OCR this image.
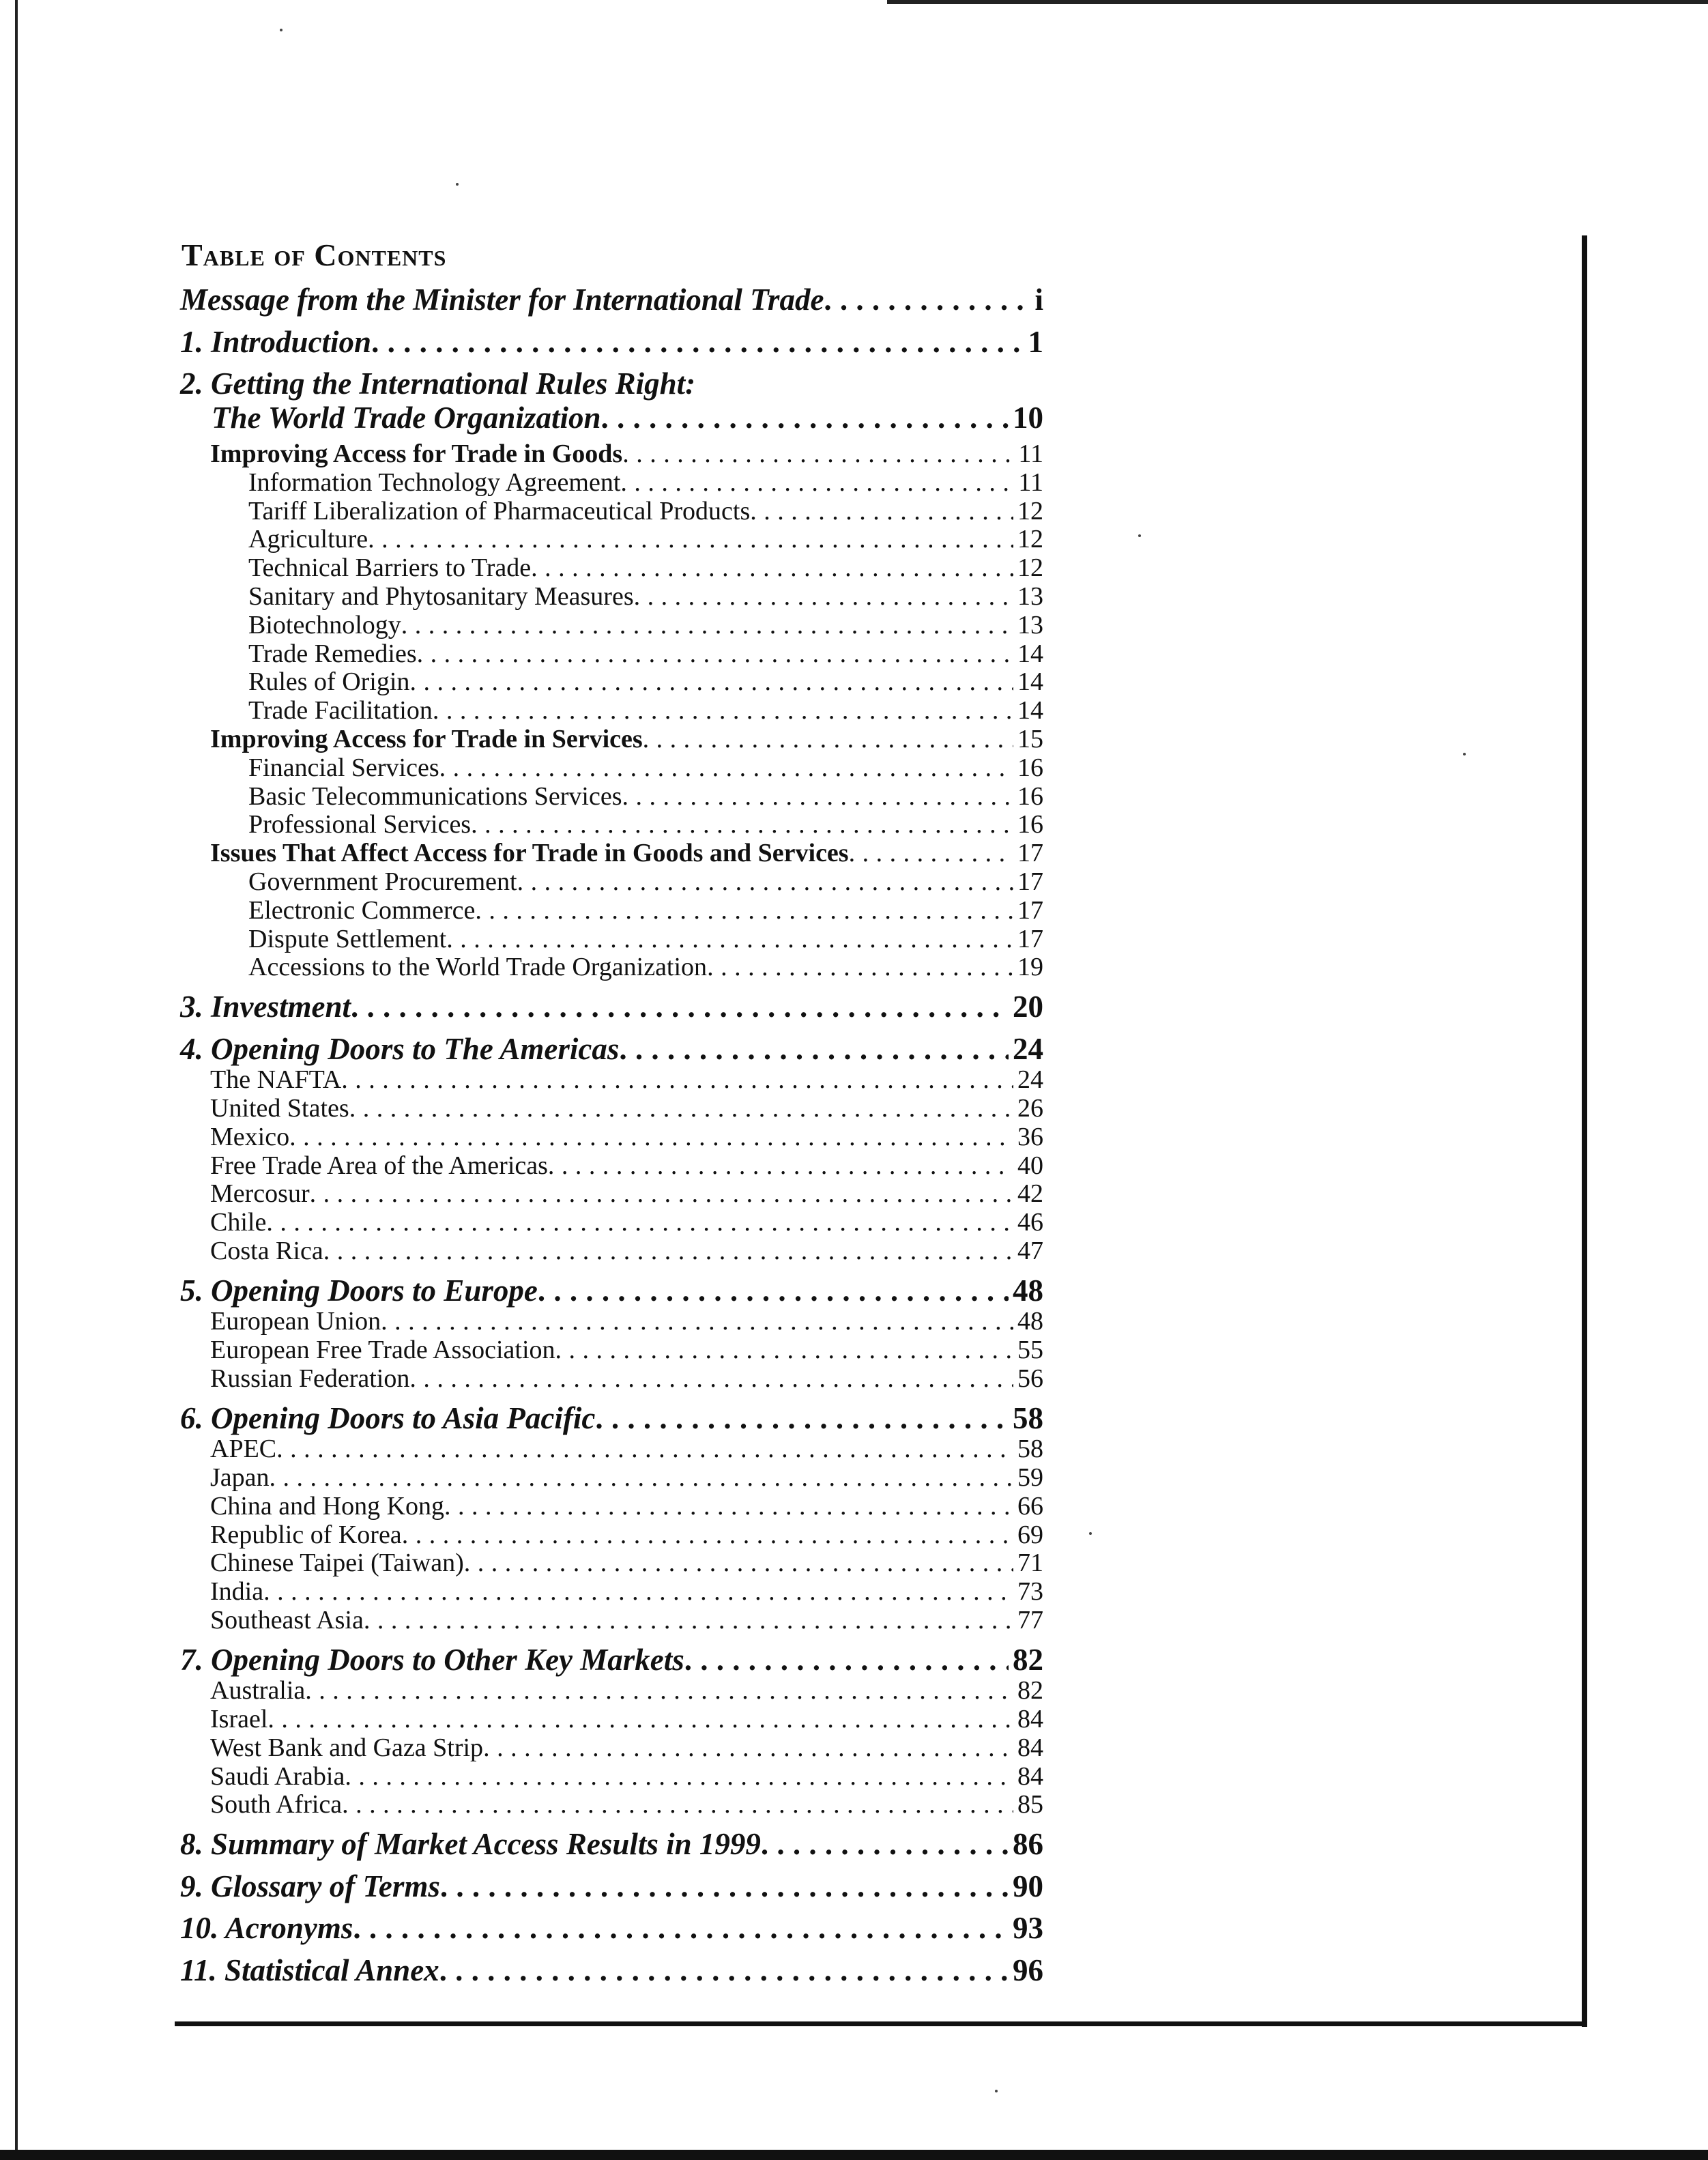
Table of Contents
Message from the Minister for International Trade . . .	i
1. Introduction . . .	1
2. Getting the International Rules Right:
The World Trade Organization . . .	10
Improving Access for Trade in Goods . . .	11
Information Technology Agreement . . .	11
Tariff Liberalization of Pharmaceutical Products . . .	12
Agriculture . . .	12
Technical Barriers to Trade . . .	12
Sanitary and Phytosanitary Measures . . .	13
Biotechnology . . .	13
Trade Remedies . . .	14
Rules of Origin . . .	14
Trade Facilitation . . .	14
Improving Access for Trade in Services . . .	15
Financial Services . . .	16
Basic Telecommunications Services . . .	16
Professional Services . . .	16
Issues That Affect Access for Trade in Goods and Services . . .	17
Government Procurement . . .	17
Electronic Commerce . . .	17
Dispute Settlement . . .	17
Accessions to the World Trade Organization . . .	19
3. Investment . . .	20
4. Opening Doors to The Americas . . .	24
The NAFTA . . .	24
United States . . .	26
Mexico . . .	36
Free Trade Area of the Americas . . .	40
Mercosur . . .	42
Chile . . .	46
Costa Rica . . .	47
5. Opening Doors to Europe . . .	48
European Union . . .	48
European Free Trade Association . . .	55
Russian Federation . . .	56
6. Opening Doors to Asia Pacific . . .	58
APEC . . .	58
Japan . . .	59
China and Hong Kong . . .	66
Republic of Korea . . .	69
Chinese Taipei (Taiwan) . . .	71
India . . .	73
Southeast Asia . . .	77
7. Opening Doors to Other Key Markets . . .	82
Australia . . .	82
Israel . . .	84
West Bank and Gaza Strip . . .	84
Saudi Arabia . . .	84
South Africa . . .	85
8. Summary of Market Access Results in 1999 . . .	86
9. Glossary of Terms . . .	90
10. Acronyms . . .	93
11. Statistical Annex . . .	96
